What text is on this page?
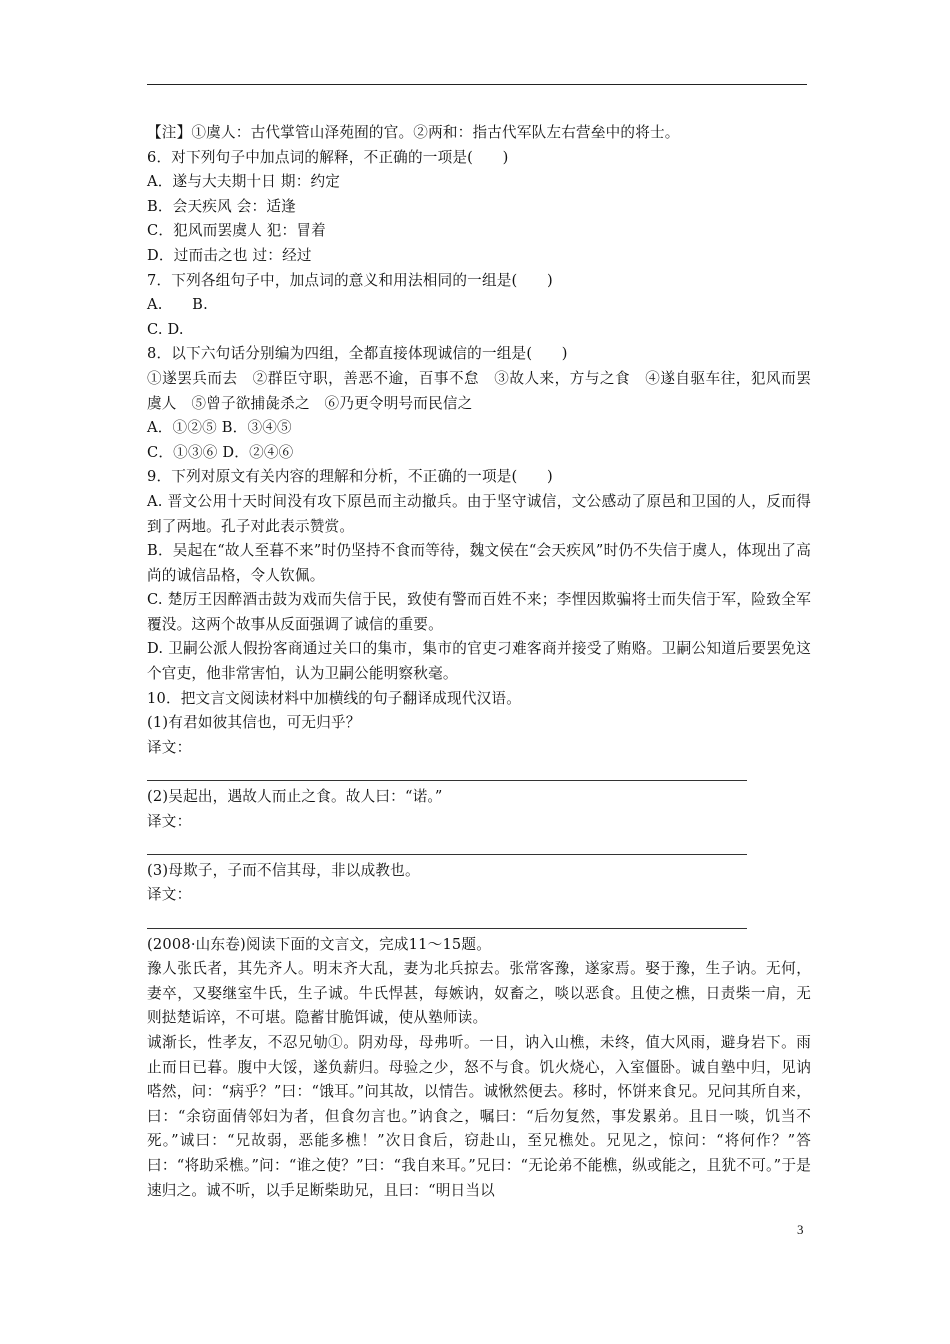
【注】①虞人：古代掌管山泽苑囿的官。②两和：指古代军队左右营垒中的将士。
6．对下列句子中加点词的解释，不正确的一项是(　　)
A．遂与大夫期十日 期：约定
B．会天疾风 会：适逢
C．犯风而罢虞人 犯：冒着
D．过而击之也 过：经过
7．下列各组句子中，加点词的意义和用法相同的一组是(　　)
A.　　B.
C. D.
8．以下六句话分别编为四组，全都直接体现诚信的一组是(　　)
①遂罢兵而去　②群臣守职，善恶不逾，百事不怠　③故人来，方与之食　④遂自驱车往，犯风而罢虞人　⑤曾子欲捕彘杀之　⑥乃更令明号而民信之
A．①②⑤ B．③④⑤
C．①③⑥ D．②④⑥
9．下列对原文有关内容的理解和分析，不正确的一项是(　　)
A. 晋文公用十天时间没有攻下原邑而主动撤兵。由于坚守诚信，文公感动了原邑和卫国的人，反而得到了两地。孔子对此表示赞赏。
B．吴起在“故人至暮不来”时仍坚持不食而等待，魏文侯在“会天疾风”时仍不失信于虞人，体现出了高尚的诚信品格，令人钦佩。
C. 楚厉王因醉酒击鼓为戏而失信于民，致使有警而百姓不来；李悝因欺骗将士而失信于军，险致全军覆没。这两个故事从反面强调了诚信的重要。
D. 卫嗣公派人假扮客商通过关口的集市，集市的官吏刁难客商并接受了贿赂。卫嗣公知道后要罢免这个官吏，他非常害怕，认为卫嗣公能明察秋毫。
10．把文言文阅读材料中加横线的句子翻译成现代汉语。
(1)有君如彼其信也，可无归乎？
译文：
(2)吴起出，遇故人而止之食。故人曰：“诺。”
译文：
(3)母欺子，子而不信其母，非以成教也。
译文：
(2008·山东卷)阅读下面的文言文，完成11～15题。
豫人张氏者，其先齐人。明末齐大乱，妻为北兵掠去。张常客豫，遂家焉。娶于豫，生子讷。无何，妻卒，又娶继室牛氏，生子诚。牛氏悍甚，每嫉讷，奴畜之，啖以恶食。且使之樵，日责柴一肩，无则挞楚诟谇，不可堪。隐蓄甘脆饵诚，使从塾师读。
诚渐长，性孝友，不忍兄劬①。阴劝母，母弗听。一日，讷入山樵，未终，值大风雨，避身岩下。雨止而日已暮。腹中大馁，遂负薪归。母验之少，怒不与食。饥火烧心，入室僵卧。诚自塾中归，见讷嗒然，问：“病乎？”曰：“饿耳。”问其故，以情告。诚愀然便去。移时，怀饼来食兄。兄问其所自来，曰：“余窃面倩邻妇为者，但食勿言也。”讷食之，嘱曰：“后勿复然，事发累弟。且日一啖，饥当不死。”诚曰：“兄故弱，恶能多樵！”次日食后，窃赴山，至兄樵处。兄见之，惊问：“将何作？”答曰：“将助采樵。”问：“谁之使？”曰：“我自来耳。”兄曰：“无论弟不能樵，纵或能之，且犹不可。”于是速归之。诚不听，以手足断柴助兄，且曰：“明日当以
3
